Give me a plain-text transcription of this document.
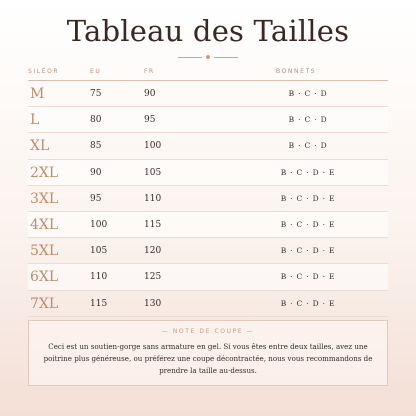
Tableau des Tailles
SILÉOR	EU	FR	BONNETS
M	75	90	B · C · D
L	80	95	B · C · D
XL	85	100	B · C · D
2XL	90	105	B · C · D · E
3XL	95	110	B · C · D · E
4XL	100	115	B · C · D · E
5XL	105	120	B · C · D · E
6XL	110	125	B · C · D · E
7XL	115	130	B · C · D · E
— NOTE DE COUPE —
Ceci est un soutien-gorge sans armature en gel. Si vous êtes entre deux tailles, avez une poitrine plus généreuse, ou préférez une coupe décontractée, nous vous recommandons de prendre la taille au-dessus.
